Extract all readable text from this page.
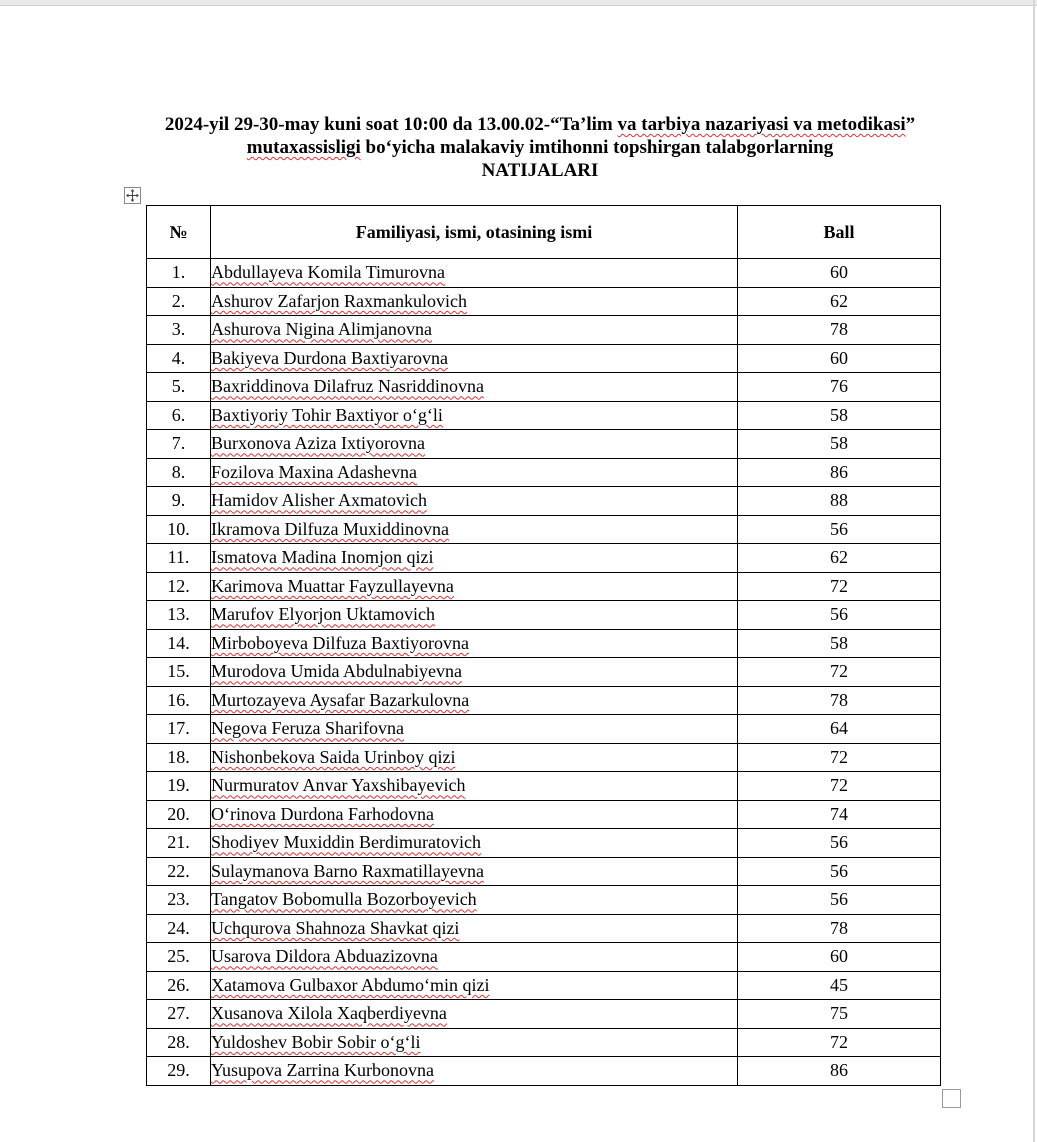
2024-yil 29-30-may kuni soat 10:00 da 13.00.02-“Ta’lim va tarbiya nazariyasi va metodikasi”
mutaxassisligi bo‘yicha malakaviy imtihonni topshirgan talabgorlarning
NATIJALARI
№	Familiyasi, ismi, otasining ismi	Ball
1.	Abdullayeva Komila Timurovna	60
2.	Ashurov Zafarjon Raxmankulovich	62
3.	Ashurova Nigina Alimjanovna	78
4.	Bakiyeva Durdona Baxtiyarovna	60
5.	Baxriddinova Dilafruz Nasriddinovna	76
6.	Baxtiyoriy Tohir Baxtiyor o‘g‘li	58
7.	Burxonova Aziza Ixtiyorovna	58
8.	Fozilova Maxina Adashevna	86
9.	Hamidov Alisher Axmatovich	88
10.	Ikramova Dilfuza Muxiddinovna	56
11.	Ismatova Madina Inomjon qizi	62
12.	Karimova Muattar Fayzullayevna	72
13.	Marufov Elyorjon Uktamovich	56
14.	Mirboboyeva Dilfuza Baxtiyorovna	58
15.	Murodova Umida Abdulnabiyevna	72
16.	Murtozayeva Aysafar Bazarkulovna	78
17.	Negova Feruza Sharifovna	64
18.	Nishonbekova Saida Urinboy qizi	72
19.	Nurmuratov Anvar Yaxshibayevich	72
20.	O‘rinova Durdona Farhodovna	74
21.	Shodiyev Muxiddin Berdimuratovich	56
22.	Sulaymanova Barno Raxmatillayevna	56
23.	Tangatov Bobomulla Bozorboyevich	56
24.	Uchqurova Shahnoza Shavkat qizi	78
25.	Usarova Dildora Abduazizovna	60
26.	Xatamova Gulbaxor Abdumo‘min qizi	45
27.	Xusanova Xilola Xaqberdiyevna	75
28.	Yuldoshev Bobir Sobir o‘g‘li	72
29.	Yusupova Zarrina Kurbonovna	86
